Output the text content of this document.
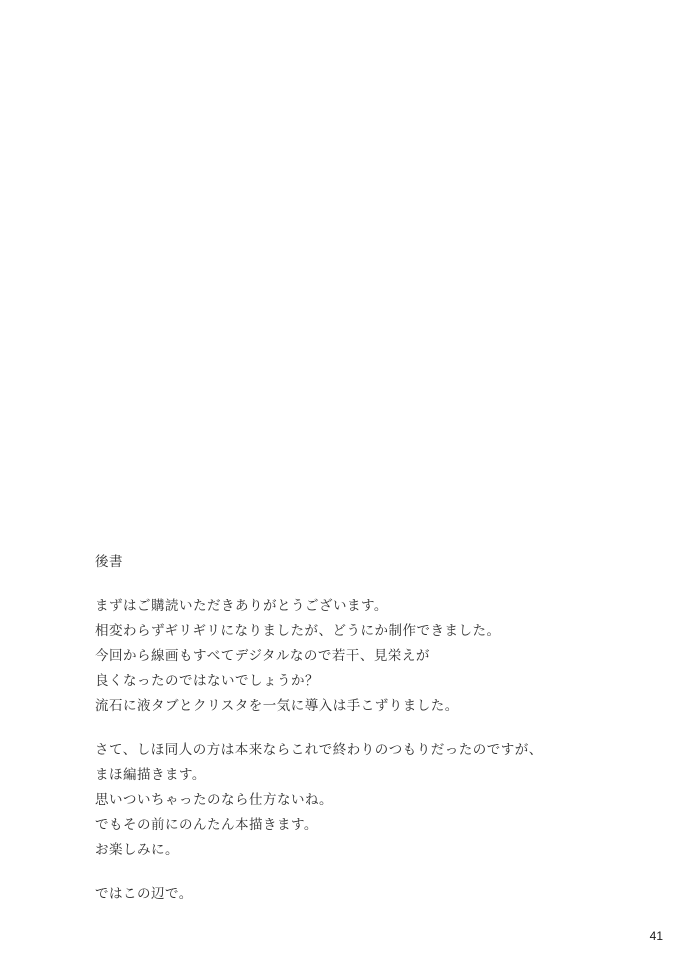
後書

まずはご購読いただきありがとうございます。
相変わらずギリギリになりましたが、どうにか制作できました。
今回から線画もすべてデジタルなので若干、見栄えが
良くなったのではないでしょうか？
流石に液タブとクリスタを一気に導入は手こずりました。

さて、しほ同人の方は本来ならこれで終わりのつもりだったのですが、
まほ編描きます。
思いついちゃったのなら仕方ないね。
でもその前にのんたん本描きます。
お楽しみに。

ではこの辺で。

41
